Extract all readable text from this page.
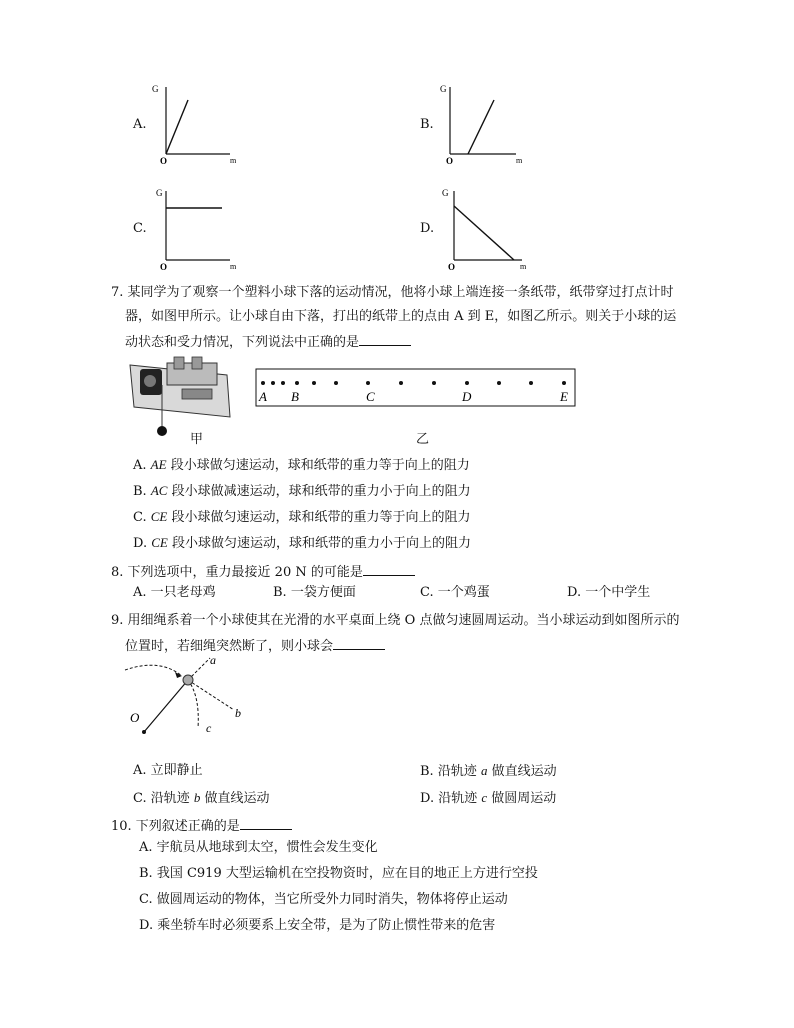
A.
G
O	m
B.
G
O	m
C.
G
O	m
D.
G
O	m
7. 某同学为了观察一个塑料小球下落的运动情况，他将小球上端连接一条纸带，纸带穿过打点计时
器，如图甲所示。让小球自由下落，打出的纸带上的点由 A 到 E，如图乙所示。则关于小球的运
动状态和受力情况，下列说法中正确的是
甲
A B	C	D	E
乙
A. AE 段小球做匀速运动，球和纸带的重力等于向上的阻力
B. AC 段小球做减速运动，球和纸带的重力小于向上的阻力
C. CE 段小球做匀速运动，球和纸带的重力等于向上的阻力
D. CE 段小球做匀速运动，球和纸带的重力小于向上的阻力
8. 下列选项中，重力最接近 20 N 的可能是
A. 一只老母鸡	B. 一袋方便面	C. 一个鸡蛋	D. 一个中学生
9. 用细绳系着一个小球使其在光滑的水平桌面上绕 O 点做匀速圆周运动。当小球运动到如图所示的
位置时，若细绳突然断了，则小球会
O
a
b
c
A. 立即静止	B. 沿轨迹 a 做直线运动
C. 沿轨迹 b 做直线运动	D. 沿轨迹 c 做圆周运动
10. 下列叙述正确的是
A. 宇航员从地球到太空，惯性会发生变化
B. 我国 C919 大型运输机在空投物资时，应在目的地正上方进行空投
C. 做圆周运动的物体，当它所受外力同时消失，物体将停止运动
D. 乘坐轿车时必须要系上安全带，是为了防止惯性带来的危害
